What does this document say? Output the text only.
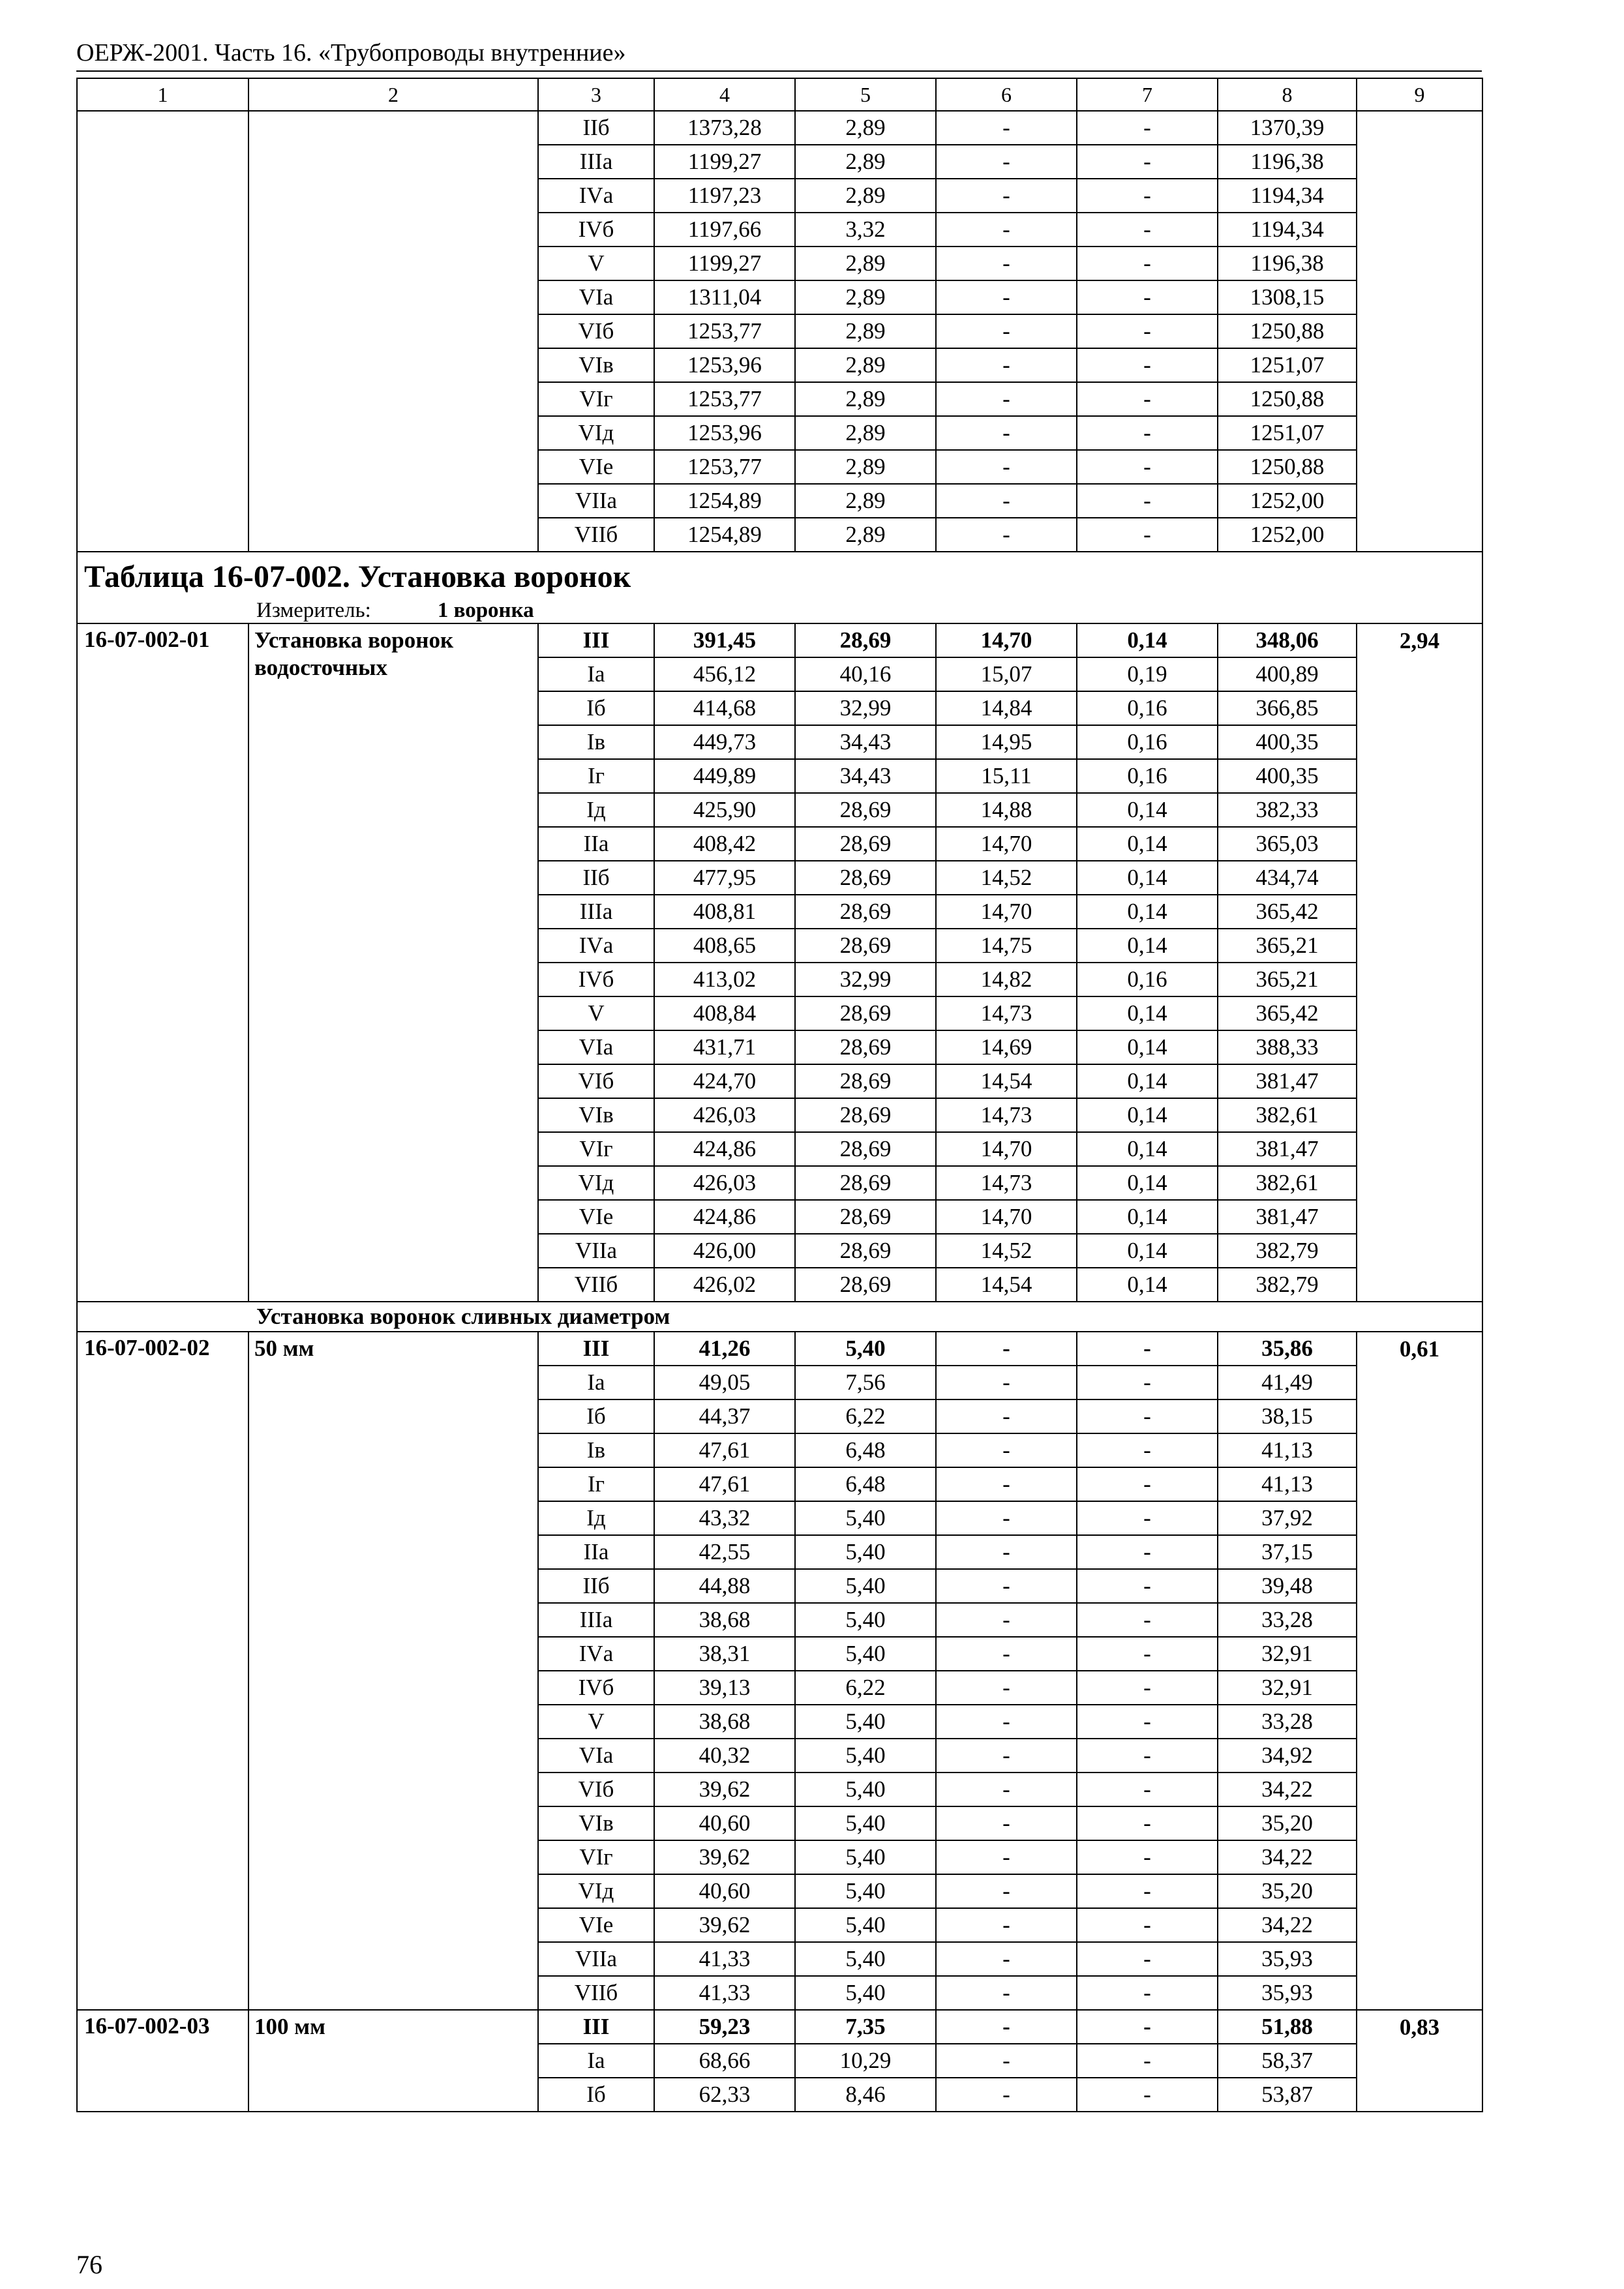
ОЕРЖ-2001. Часть 16. «Трубопроводы внутренние»
1	2	3	4	5	6	7	8	9
		IIб	1373,28	2,89	-	-	1370,39	
		IIIа	1199,27	2,89	-	-	1196,38	
		IVа	1197,23	2,89	-	-	1194,34	
		IVб	1197,66	3,32	-	-	1194,34	
		V	1199,27	2,89	-	-	1196,38	
		VIа	1311,04	2,89	-	-	1308,15	
		VIб	1253,77	2,89	-	-	1250,88	
		VIв	1253,96	2,89	-	-	1251,07	
		VIг	1253,77	2,89	-	-	1250,88	
		VIд	1253,96	2,89	-	-	1251,07	
		VIе	1253,77	2,89	-	-	1250,88	
		VIIа	1254,89	2,89	-	-	1252,00	
		VIIб	1254,89	2,89	-	-	1252,00	
Таблица 16-07-002. Установка воронок								
Измеритель: 1 воронка								
16-07-002-01	Установка воронок водосточных	III	391,45	28,69	14,70	0,14	348,06	2,94
		Iа	456,12	40,16	15,07	0,19	400,89	
		Iб	414,68	32,99	14,84	0,16	366,85	
		Iв	449,73	34,43	14,95	0,16	400,35	
		Iг	449,89	34,43	15,11	0,16	400,35	
		Iд	425,90	28,69	14,88	0,14	382,33	
		IIа	408,42	28,69	14,70	0,14	365,03	
		IIб	477,95	28,69	14,52	0,14	434,74	
		IIIа	408,81	28,69	14,70	0,14	365,42	
		IVа	408,65	28,69	14,75	0,14	365,21	
		IVб	413,02	32,99	14,82	0,16	365,21	
		V	408,84	28,69	14,73	0,14	365,42	
		VIа	431,71	28,69	14,69	0,14	388,33	
		VIб	424,70	28,69	14,54	0,14	381,47	
		VIв	426,03	28,69	14,73	0,14	382,61	
		VIг	424,86	28,69	14,70	0,14	381,47	
		VIд	426,03	28,69	14,73	0,14	382,61	
		VIе	424,86	28,69	14,70	0,14	381,47	
		VIIа	426,00	28,69	14,52	0,14	382,79	
		VIIб	426,02	28,69	14,54	0,14	382,79	
Установка воронок сливных диаметром								
16-07-002-02	50 мм	III	41,26	5,40	-	-	35,86	0,61
		Iа	49,05	7,56	-	-	41,49	
		Iб	44,37	6,22	-	-	38,15	
		Iв	47,61	6,48	-	-	41,13	
		Iг	47,61	6,48	-	-	41,13	
		Iд	43,32	5,40	-	-	37,92	
		IIа	42,55	5,40	-	-	37,15	
		IIб	44,88	5,40	-	-	39,48	
		IIIа	38,68	5,40	-	-	33,28	
		IVа	38,31	5,40	-	-	32,91	
		IVб	39,13	6,22	-	-	32,91	
		V	38,68	5,40	-	-	33,28	
		VIа	40,32	5,40	-	-	34,92	
		VIб	39,62	5,40	-	-	34,22	
		VIв	40,60	5,40	-	-	35,20	
		VIг	39,62	5,40	-	-	34,22	
		VIд	40,60	5,40	-	-	35,20	
		VIе	39,62	5,40	-	-	34,22	
		VIIа	41,33	5,40	-	-	35,93	
		VIIб	41,33	5,40	-	-	35,93	
16-07-002-03	100 мм	III	59,23	7,35	-	-	51,88	0,83
		Iа	68,66	10,29	-	-	58,37	
		Iб	62,33	8,46	-	-	53,87	
76
